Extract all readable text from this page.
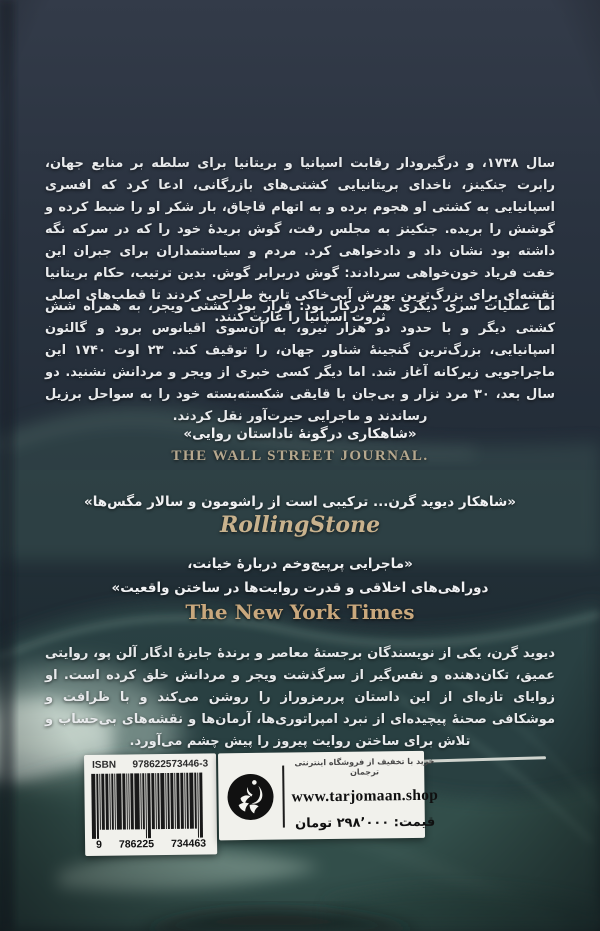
سال ۱۷۳۸، و درگیرودار رقابت اسپانیا و بریتانیا برای سلطه بر منابع جهان، رابرت جنکینز، ناخدای بریتانیایی کشتی‌های بازرگانی، ادعا کرد که افسری اسپانیایی به کشتی او هجوم برده و به اتهام قاچاق، بار شکر او را ضبط کرده و گوشش را بریده. جنکینز به مجلس رفت، گوش بریدهٔ خود را که در سرکه نگه داشته بود نشان داد و دادخواهی کرد. مردم و سیاستمداران برای جبران این خفت فریاد خون‌خواهی سردادند: گوش دربرابر گوش. بدین ترتیب، حکام بریتانیا نقشه‌ای برای بزرگ‌ترین یورش آبی‌خاکی تاریخ طراحی کردند تا قطب‌های اصلی ثروت اسپانیا را غارت کنند.
اما عملیات سری دیگری هم درکار بود: قرار بود کشتی ویجر، به همراه شش کشتی دیگر و با حدود دو هزار نیرو، به آن‌سوی اقیانوس برود و گالئون اسپانیایی، بزرگ‌ترین گنجینهٔ شناور جهان، را توقیف کند. ۲۳ اوت ۱۷۴۰ این ماجراجویی زیرکانه آغاز شد. اما دیگر کسی خبری از ویجر و مردانش نشنید. دو سال بعد، ۳۰ مرد نزار و بی‌جان با قایقی شکسته‌بسته خود را به سواحل برزیل رساندند و ماجرایی حیرت‌آور نقل کردند.
«شاهکاری درگونهٔ ناداستان روایی»
THE WALL STREET JOURNAL.
«شاهکار دیوید گرن... ترکیبی است از راشومون و سالار مگس‌ها»
RollingStone
«ماجرایی پرپیچ‌وخم دربارهٔ خیانت،
دوراهی‌های اخلاقی و قدرت روایت‌ها در ساختن واقعیت»
The New York Times
دیوید گرن، یکی از نویسندگان برجستهٔ معاصر و برندهٔ جایزهٔ ادگار آلن پو، روایتی عمیق، تکان‌دهنده و نفس‌گیر از سرگذشت ویجر و مردانش خلق کرده است. او زوایای تازه‌ای از این داستان پررمزوراز را روشن می‌کند و با ظرافت و موشکافی صحنهٔ پیچیده‌ای از نبرد امپراتوری‌ها، آرمان‌ها و نقشه‌های بی‌حساب و تلاش برای ساختن روایت پیروز را پیش چشم می‌آورد.
ISBN 978622573446-3
9 786225 734463
خرید با تخفیف از فروشگاه اینترنتی ترجمان
www.tarjomaan.shop
قیمت: ۲۹۸٬۰۰۰ تومان
